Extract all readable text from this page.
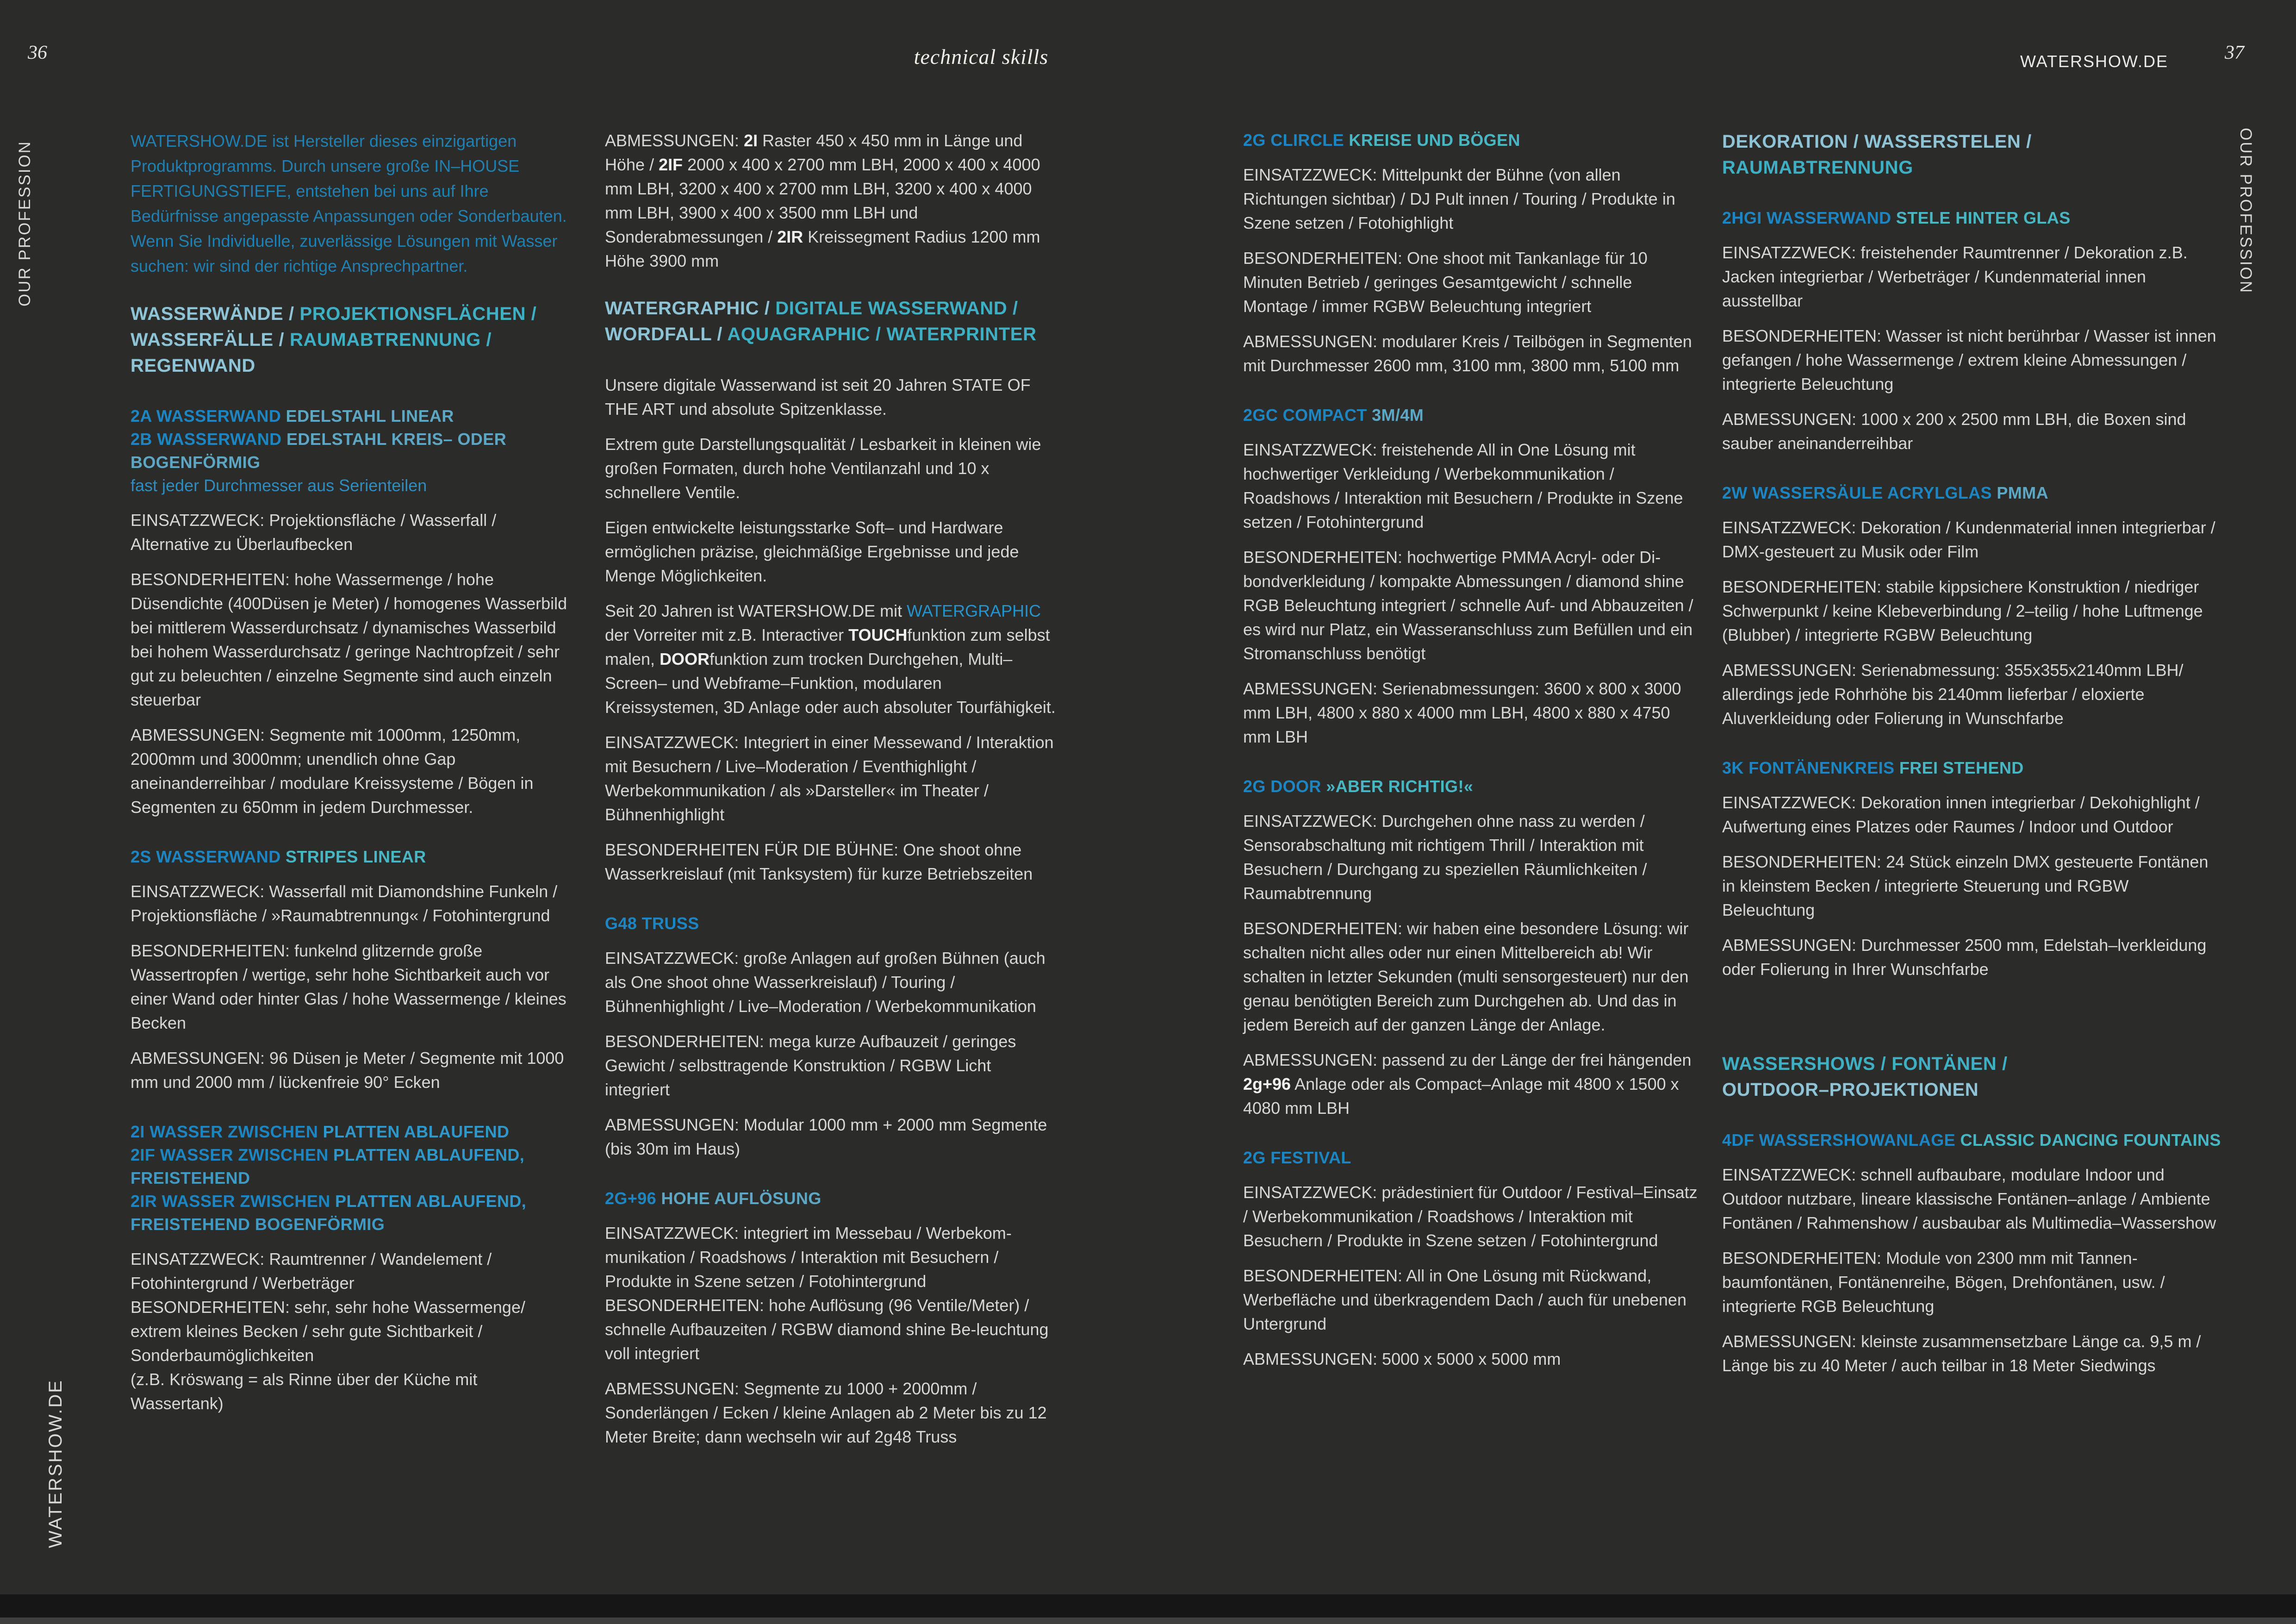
36	technical skills	WATERSHOW.DE	37
OUR PROFESSION
WATERSHOW.DE
OUR PROFESSION
WATERSHOW.DE ist Hersteller dieses einzigartigen Produktprogramms. Durch unsere große IN–HOUSE FERTIGUNGSTIEFE, entstehen bei uns auf Ihre Bedürfnisse angepasste Anpassungen oder Sonderbauten. Wenn Sie Individuelle, zuverlässige Lösungen mit Wasser suchen: wir sind der richtige Ansprechpartner.
WASSERWÄNDE / PROJEKTIONSFLÄCHEN /
WASSERFÄLLE / RAUMABTRENNUNG /
REGENWAND
2A WASSERWAND EDELSTAHL LINEAR
2B WASSERWAND EDELSTAHL KREIS– ODER
BOGENFÖRMIG
fast jeder Durchmesser aus Serienteilen
EINSATZZWECK: Projektionsfläche / Wasserfall / Alternative zu Überlaufbecken
BESONDERHEITEN: hohe Wassermenge / hohe Düsendichte (400Düsen je Meter) / homogenes Wasserbild bei mittlerem Wasserdurchsatz / dynamisches Wasserbild bei hohem Wasserdurchsatz / geringe Nachtropfzeit / sehr gut zu beleuchten / einzelne Segmente sind auch einzeln steuerbar
ABMESSUNGEN: Segmente mit 1000mm, 1250mm, 2000mm und 3000mm; unendlich ohne Gap aneinanderreihbar / modulare Kreissysteme / Bögen in Segmenten zu 650mm in jedem Durchmesser.
2S WASSERWAND STRIPES LINEAR
EINSATZZWECK: Wasserfall mit Diamondshine Funkeln / Projektionsfläche / »Raumabtrennung« / Fotohintergrund
BESONDERHEITEN: funkelnd glitzernde große Wassertropfen / wertige, sehr hohe Sichtbarkeit auch vor einer Wand oder hinter Glas / hohe Wassermenge / kleines Becken
ABMESSUNGEN: 96 Düsen je Meter / Segmente mit 1000 mm und 2000 mm / lückenfreie 90° Ecken
2I WASSER ZWISCHEN PLATTEN ABLAUFEND
2IF WASSER ZWISCHEN PLATTEN ABLAUFEND,
FREISTEHEND
2IR WASSER ZWISCHEN PLATTEN ABLAUFEND,
FREISTEHEND BOGENFÖRMIG
EINSATZZWECK: Raumtrenner / Wandelement / Fotohintergrund / Werbeträger
BESONDERHEITEN: sehr, sehr hohe Wassermenge/ extrem kleines Becken / sehr gute Sichtbarkeit / Sonderbaumöglichkeiten
(z.B. Kröswang = als Rinne über der Küche mit Wassertank)
ABMESSUNGEN: 2I Raster 450 x 450 mm in Länge und Höhe / 2IF 2000 x 400 x 2700 mm LBH, 2000 x 400 x 4000 mm LBH, 3200 x 400 x 2700 mm LBH, 3200 x 400 x 4000 mm LBH, 3900 x 400 x 3500 mm LBH und Sonderabmessungen / 2IR Kreissegment Radius 1200 mm Höhe 3900 mm
WATERGRAPHIC / DIGITALE WASSERWAND /
WORDFALL / AQUAGRAPHIC / WATERPRINTER
Unsere digitale Wasserwand ist seit 20 Jahren STATE OF THE ART und absolute Spitzenklasse.
Extrem gute Darstellungsqualität / Lesbarkeit in kleinen wie großen Formaten, durch hohe Ventilanzahl und 10 x schnellere Ventile.
Eigen entwickelte leistungsstarke Soft– und Hardware ermöglichen präzise, gleichmäßige Ergebnisse und jede Menge Möglichkeiten.
Seit 20 Jahren ist WATERSHOW.DE mit WATERGRAPHIC der Vorreiter mit z.B. Interactiver TOUCHfunktion zum selbst malen, DOORfunktion zum trocken Durchgehen, Multi–Screen– und Webframe–Funktion, modularen Kreissystemen, 3D Anlage oder auch absoluter Tourfähigkeit.
EINSATZZWECK: Integriert in einer Messewand / Interaktion mit Besuchern / Live–Moderation / Eventhighlight / Werbekommunikation / als »Darsteller« im Theater / Bühnenhighlight
BESONDERHEITEN FÜR DIE BÜHNE: One shoot ohne Wasserkreislauf (mit Tanksystem) für kurze Betriebszeiten
G48 TRUSS
EINSATZZWECK: große Anlagen auf großen Bühnen (auch als One shoot ohne Wasserkreislauf) / Touring / Bühnenhighlight / Live–Moderation / Werbekommunikation
BESONDERHEITEN: mega kurze Aufbauzeit / geringes Gewicht / selbsttragende Konstruktion / RGBW Licht integriert
ABMESSUNGEN: Modular 1000 mm + 2000 mm Segmente (bis 30m im Haus)
2G+96 HOHE AUFLÖSUNG
EINSATZZWECK: integriert im Messebau / Werbekom-munikation / Roadshows / Interaktion mit Besuchern / Produkte in Szene setzen / Fotohintergrund
BESONDERHEITEN: hohe Auflösung (96 Ventile/Meter) / schnelle Aufbauzeiten / RGBW diamond shine Be-leuchtung voll integriert
ABMESSUNGEN: Segmente zu 1000 + 2000mm / Sonderlängen / Ecken / kleine Anlagen ab 2 Meter bis zu 12 Meter Breite; dann wechseln wir auf 2g48 Truss
2G CLIRCLE KREISE UND BÖGEN
EINSATZZWECK: Mittelpunkt der Bühne (von allen Richtungen sichtbar) / DJ Pult innen / Touring / Produkte in Szene setzen / Fotohighlight
BESONDERHEITEN: One shoot mit Tankanlage für 10 Minuten Betrieb / geringes Gesamtgewicht / schnelle Montage / immer RGBW Beleuchtung integriert
ABMESSUNGEN: modularer Kreis / Teilbögen in Segmenten mit Durchmesser 2600 mm, 3100 mm, 3800 mm, 5100 mm
2GC COMPACT 3M/4M
EINSATZZWECK: freistehende All in One Lösung mit hochwertiger Verkleidung / Werbekommunikation / Roadshows / Interaktion mit Besuchern / Produkte in Szene setzen / Fotohintergrund
BESONDERHEITEN: hochwertige PMMA Acryl- oder Di-bondverkleidung / kompakte Abmessungen / diamond shine RGB Beleuchtung integriert / schnelle Auf- und Abbauzeiten / es wird nur Platz, ein Wasseranschluss zum Befüllen und ein Stromanschluss benötigt
ABMESSUNGEN: Serienabmessungen: 3600 x 800 x 3000 mm LBH, 4800 x 880 x 4000 mm LBH, 4800 x 880 x 4750 mm LBH
2G DOOR »ABER RICHTIG!«
EINSATZZWECK: Durchgehen ohne nass zu werden / Sensorabschaltung mit richtigem Thrill / Interaktion mit Besuchern / Durchgang zu speziellen Räumlichkeiten / Raumabtrennung
BESONDERHEITEN: wir haben eine besondere Lösung: wir schalten nicht alles oder nur einen Mittelbereich ab! Wir schalten in letzter Sekunden (multi sensorgesteuert) nur den genau benötigten Bereich zum Durchgehen ab. Und das in jedem Bereich auf der ganzen Länge der Anlage.
ABMESSUNGEN: passend zu der Länge der frei hängenden 2g+96 Anlage oder als Compact–Anlage mit 4800 x 1500 x 4080 mm LBH
2G FESTIVAL
EINSATZZWECK: prädestiniert für Outdoor / Festival–Einsatz / Werbekommunikation / Roadshows / Interaktion mit Besuchern / Produkte in Szene setzen / Fotohintergrund
BESONDERHEITEN: All in One Lösung mit Rückwand, Werbefläche und überkragendem Dach / auch für unebenen Untergrund
ABMESSUNGEN: 5000 x 5000 x 5000 mm
DEKORATION / WASSERSTELEN /
RAUMABTRENNUNG
2HGI WASSERWAND STELE HINTER GLAS
EINSATZZWECK: freistehender Raumtrenner / Dekoration z.B. Jacken integrierbar / Werbeträger / Kundenmaterial innen ausstellbar
BESONDERHEITEN: Wasser ist nicht berührbar / Wasser ist innen gefangen / hohe Wassermenge / extrem kleine Abmessungen / integrierte Beleuchtung
ABMESSUNGEN: 1000 x 200 x 2500 mm LBH, die Boxen sind sauber aneinanderreihbar
2W WASSERSÄULE ACRYLGLAS PMMA
EINSATZZWECK: Dekoration / Kundenmaterial innen integrierbar / DMX-gesteuert zu Musik oder Film
BESONDERHEITEN: stabile kippsichere Konstruktion / niedriger Schwerpunkt / keine Klebeverbindung / 2–teilig / hohe Luftmenge (Blubber) / integrierte RGBW Beleuchtung
ABMESSUNGEN: Serienabmessung: 355x355x2140mm LBH/ allerdings jede Rohrhöhe bis 2140mm lieferbar / eloxierte Aluverkleidung oder Folierung in Wunschfarbe
3K FONTÄNENKREIS FREI STEHEND
EINSATZZWECK: Dekoration innen integrierbar / Dekohighlight / Aufwertung eines Platzes oder Raumes / Indoor und Outdoor
BESONDERHEITEN: 24 Stück einzeln DMX gesteuerte Fontänen in kleinstem Becken / integrierte Steuerung und RGBW Beleuchtung
ABMESSUNGEN: Durchmesser 2500 mm, Edelstah–lverkleidung oder Folierung in Ihrer Wunschfarbe
WASSERSHOWS / FONTÄNEN /
OUTDOOR–PROJEKTIONEN
4DF WASSERSHOWANLAGE CLASSIC DANCING FOUNTAINS
EINSATZZWECK: schnell aufbaubare, modulare Indoor und Outdoor nutzbare, lineare klassische Fontänen–anlage / Ambiente Fontänen / Rahmenshow / ausbaubar als Multimedia–Wassershow
BESONDERHEITEN: Module von 2300 mm mit Tannen-baumfontänen, Fontänenreihe, Bögen, Drehfontänen, usw. / integrierte RGB Beleuchtung
ABMESSUNGEN: kleinste zusammensetzbare Länge ca. 9,5 m / Länge bis zu 40 Meter / auch teilbar in 18 Meter Siedwings
